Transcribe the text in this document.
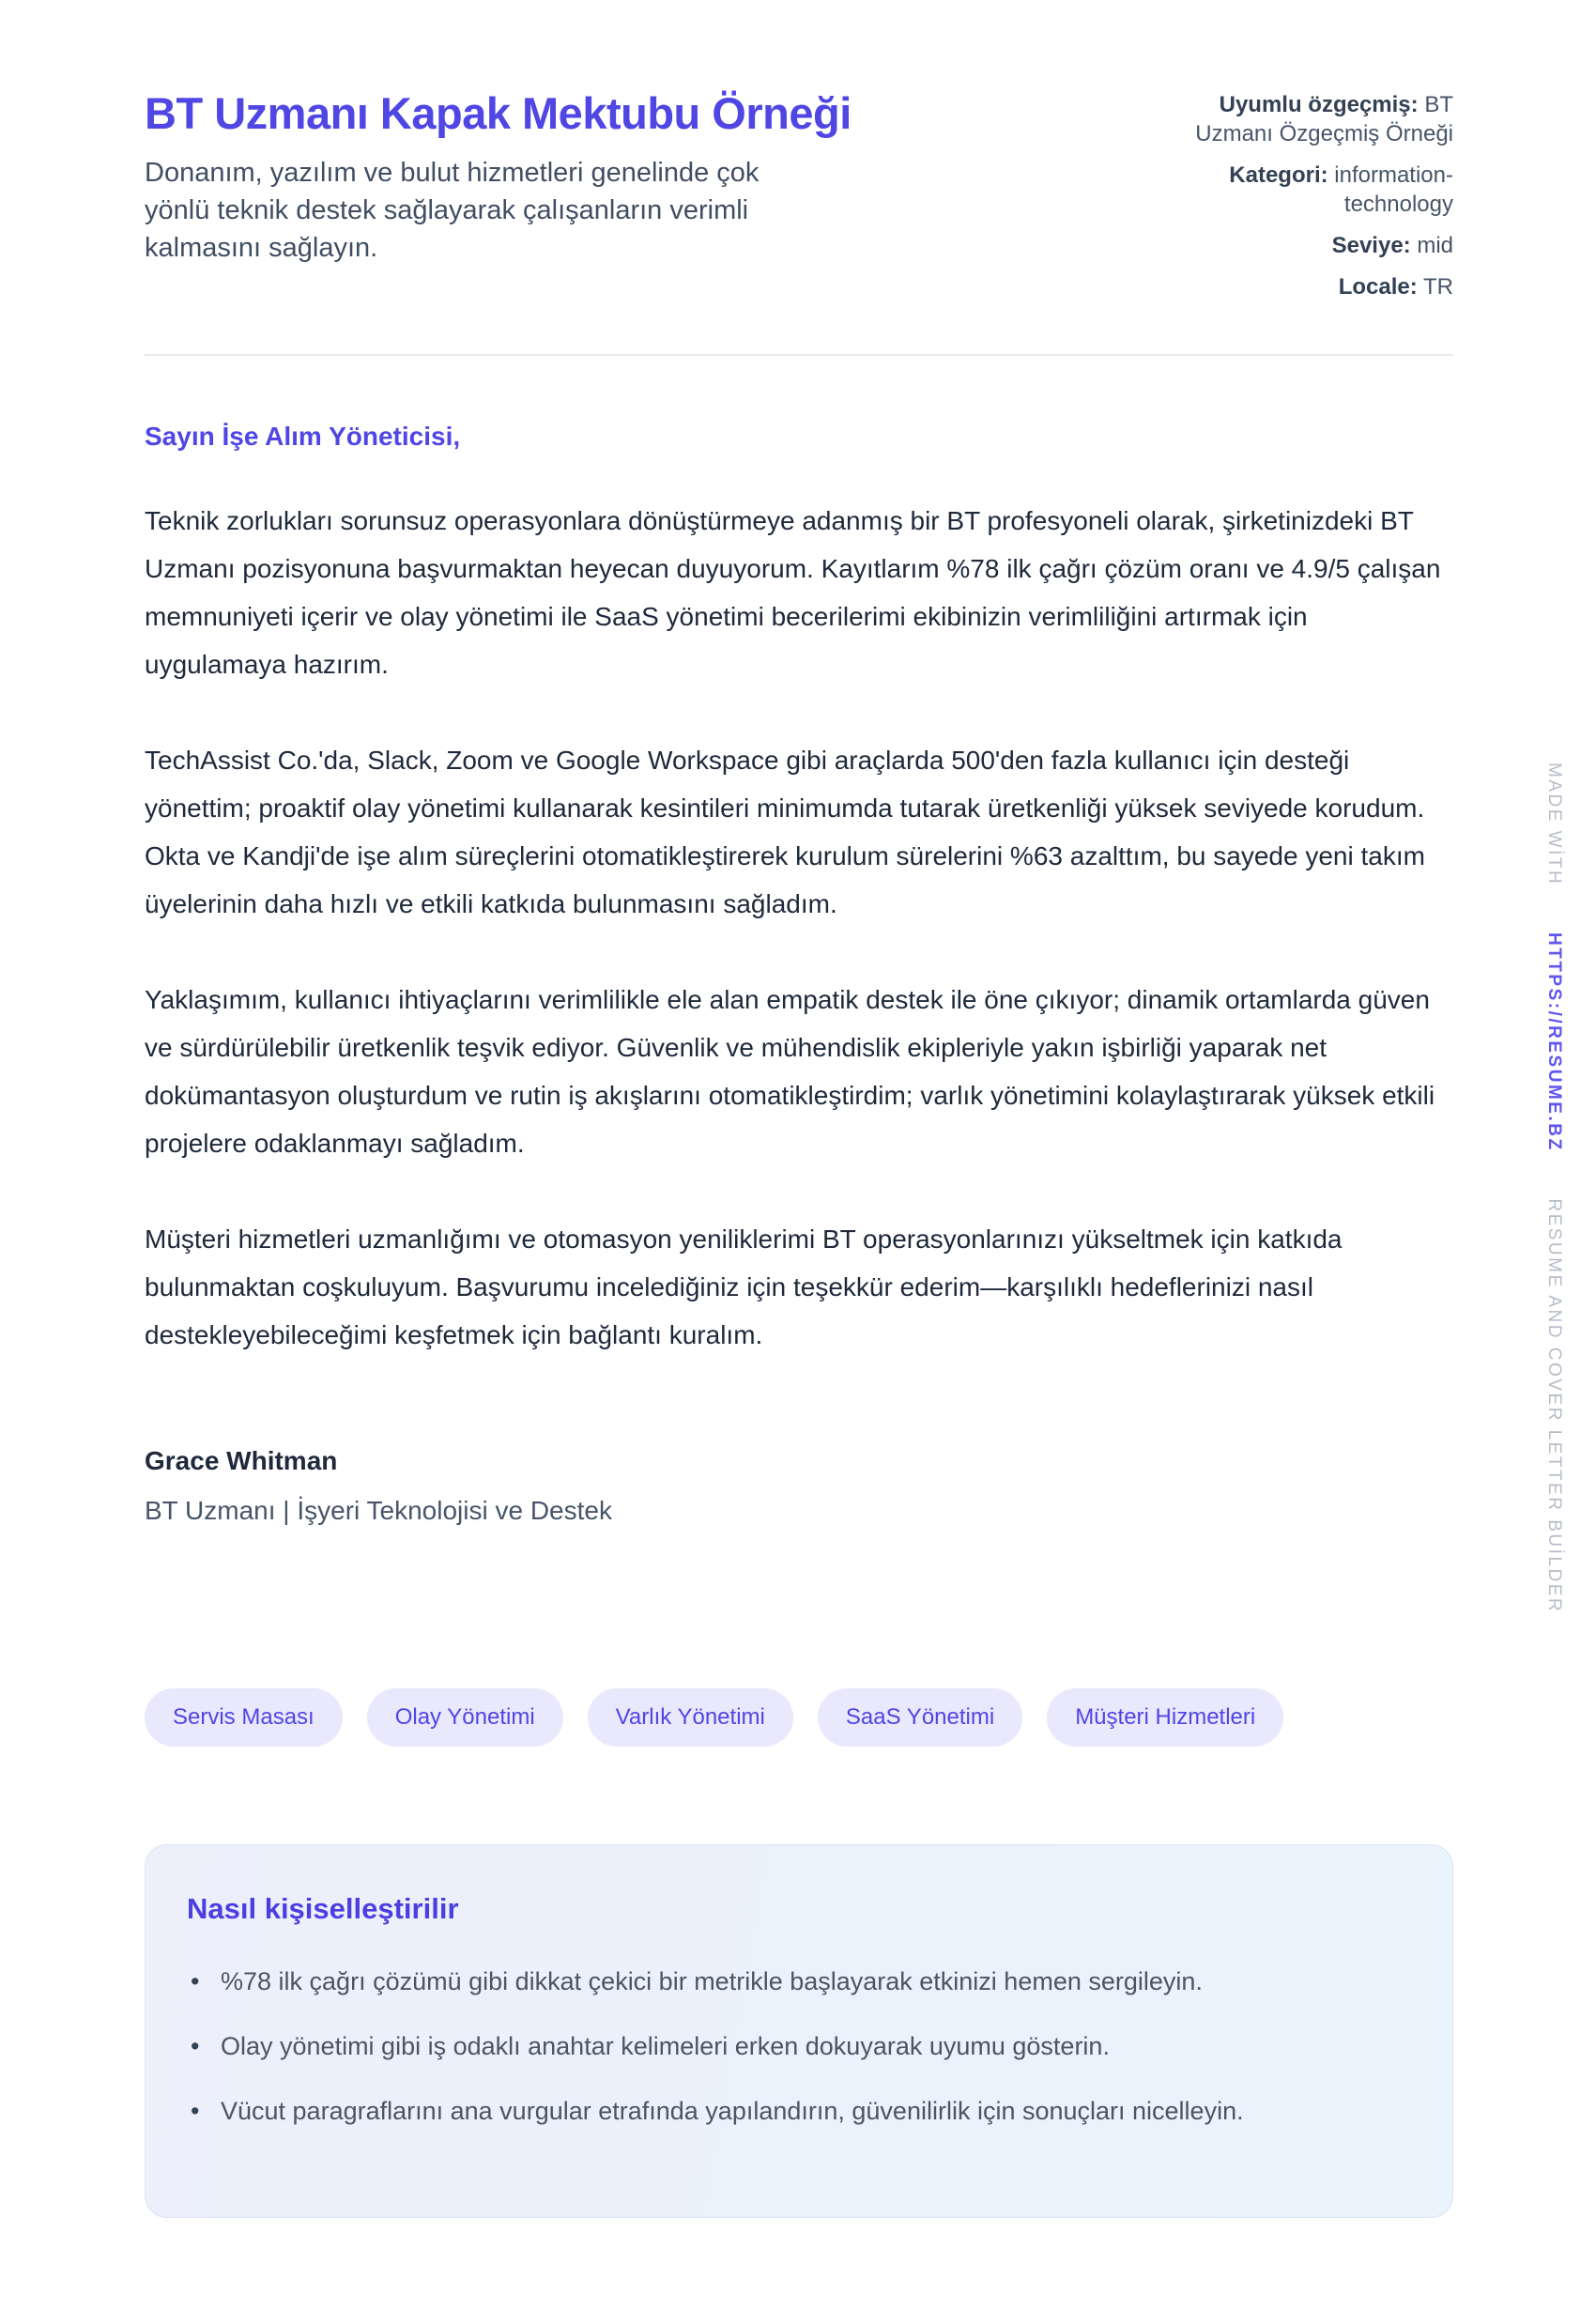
BT Uzmanı Kapak Mektubu Örneği
Donanım, yazılım ve bulut hizmetleri genelinde çok yönlü teknik destek sağlayarak çalışanların verimli kalmasını sağlayın.
Uyumlu özgeçmiş: BT Uzmanı Özgeçmiş Örneği
Kategori: information-technology
Seviye: mid
Locale: TR
Sayın İşe Alım Yöneticisi,

Teknik zorlukları sorunsuz operasyonlara dönüştürmeye adanmış bir BT profesyoneli olarak, şirketinizdeki BT Uzmanı pozisyonuna başvurmaktan heyecan duyuyorum. Kayıtlarım %78 ilk çağrı çözüm oranı ve 4.9/5 çalışan memnuniyeti içerir ve olay yönetimi ile SaaS yönetimi becerilerimi ekibinizin verimliliğini artırmak için uygulamaya hazırım.

TechAssist Co.'da, Slack, Zoom ve Google Workspace gibi araçlarda 500'den fazla kullanıcı için desteği yönettim; proaktif olay yönetimi kullanarak kesintileri minimumda tutarak üretkenliği yüksek seviyede korudum. Okta ve Kandji'de işe alım süreçlerini otomatikleştirerek kurulum sürelerini %63 azalttım, bu sayede yeni takım üyelerinin daha hızlı ve etkili katkıda bulunmasını sağladım.

Yaklaşımım, kullanıcı ihtiyaçlarını verimlilikle ele alan empatik destek ile öne çıkıyor; dinamik ortamlarda güven ve sürdürülebilir üretkenlik teşvik ediyor. Güvenlik ve mühendislik ekipleriyle yakın işbirliği yaparak net dokümantasyon oluşturdum ve rutin iş akışlarını otomatikleştirdim; varlık yönetimini kolaylaştırarak yüksek etkili projelere odaklanmayı sağladım.

Müşteri hizmetleri uzmanlığımı ve otomasyon yeniliklerimi BT operasyonlarınızı yükseltmek için katkıda bulunmaktan coşkuluyum. Başvurumu incelediğiniz için teşekkür ederim—karşılıklı hedeflerinizi nasıl destekleyebileceğimi keşfetmek için bağlantı kuralım.

Grace Whitman
BT Uzmanı | İşyeri Teknolojisi ve Destek
Servis Masası	Olay Yönetimi	Varlık Yönetimi	SaaS Yönetimi	Müşteri Hizmetleri
Nasıl kişiselleştirilir
• %78 ilk çağrı çözümü gibi dikkat çekici bir metrikle başlayarak etkinizi hemen sergileyin.
• Olay yönetimi gibi iş odaklı anahtar kelimeleri erken dokuyarak uyumu gösterin.
• Vücut paragraflarını ana vurgular etrafında yapılandırın, güvenilirlik için sonuçları nicelleyin.
MADE WİTH HTTPS://RESUME.BZ RESUME AND COVER LETTER BUİLDER
